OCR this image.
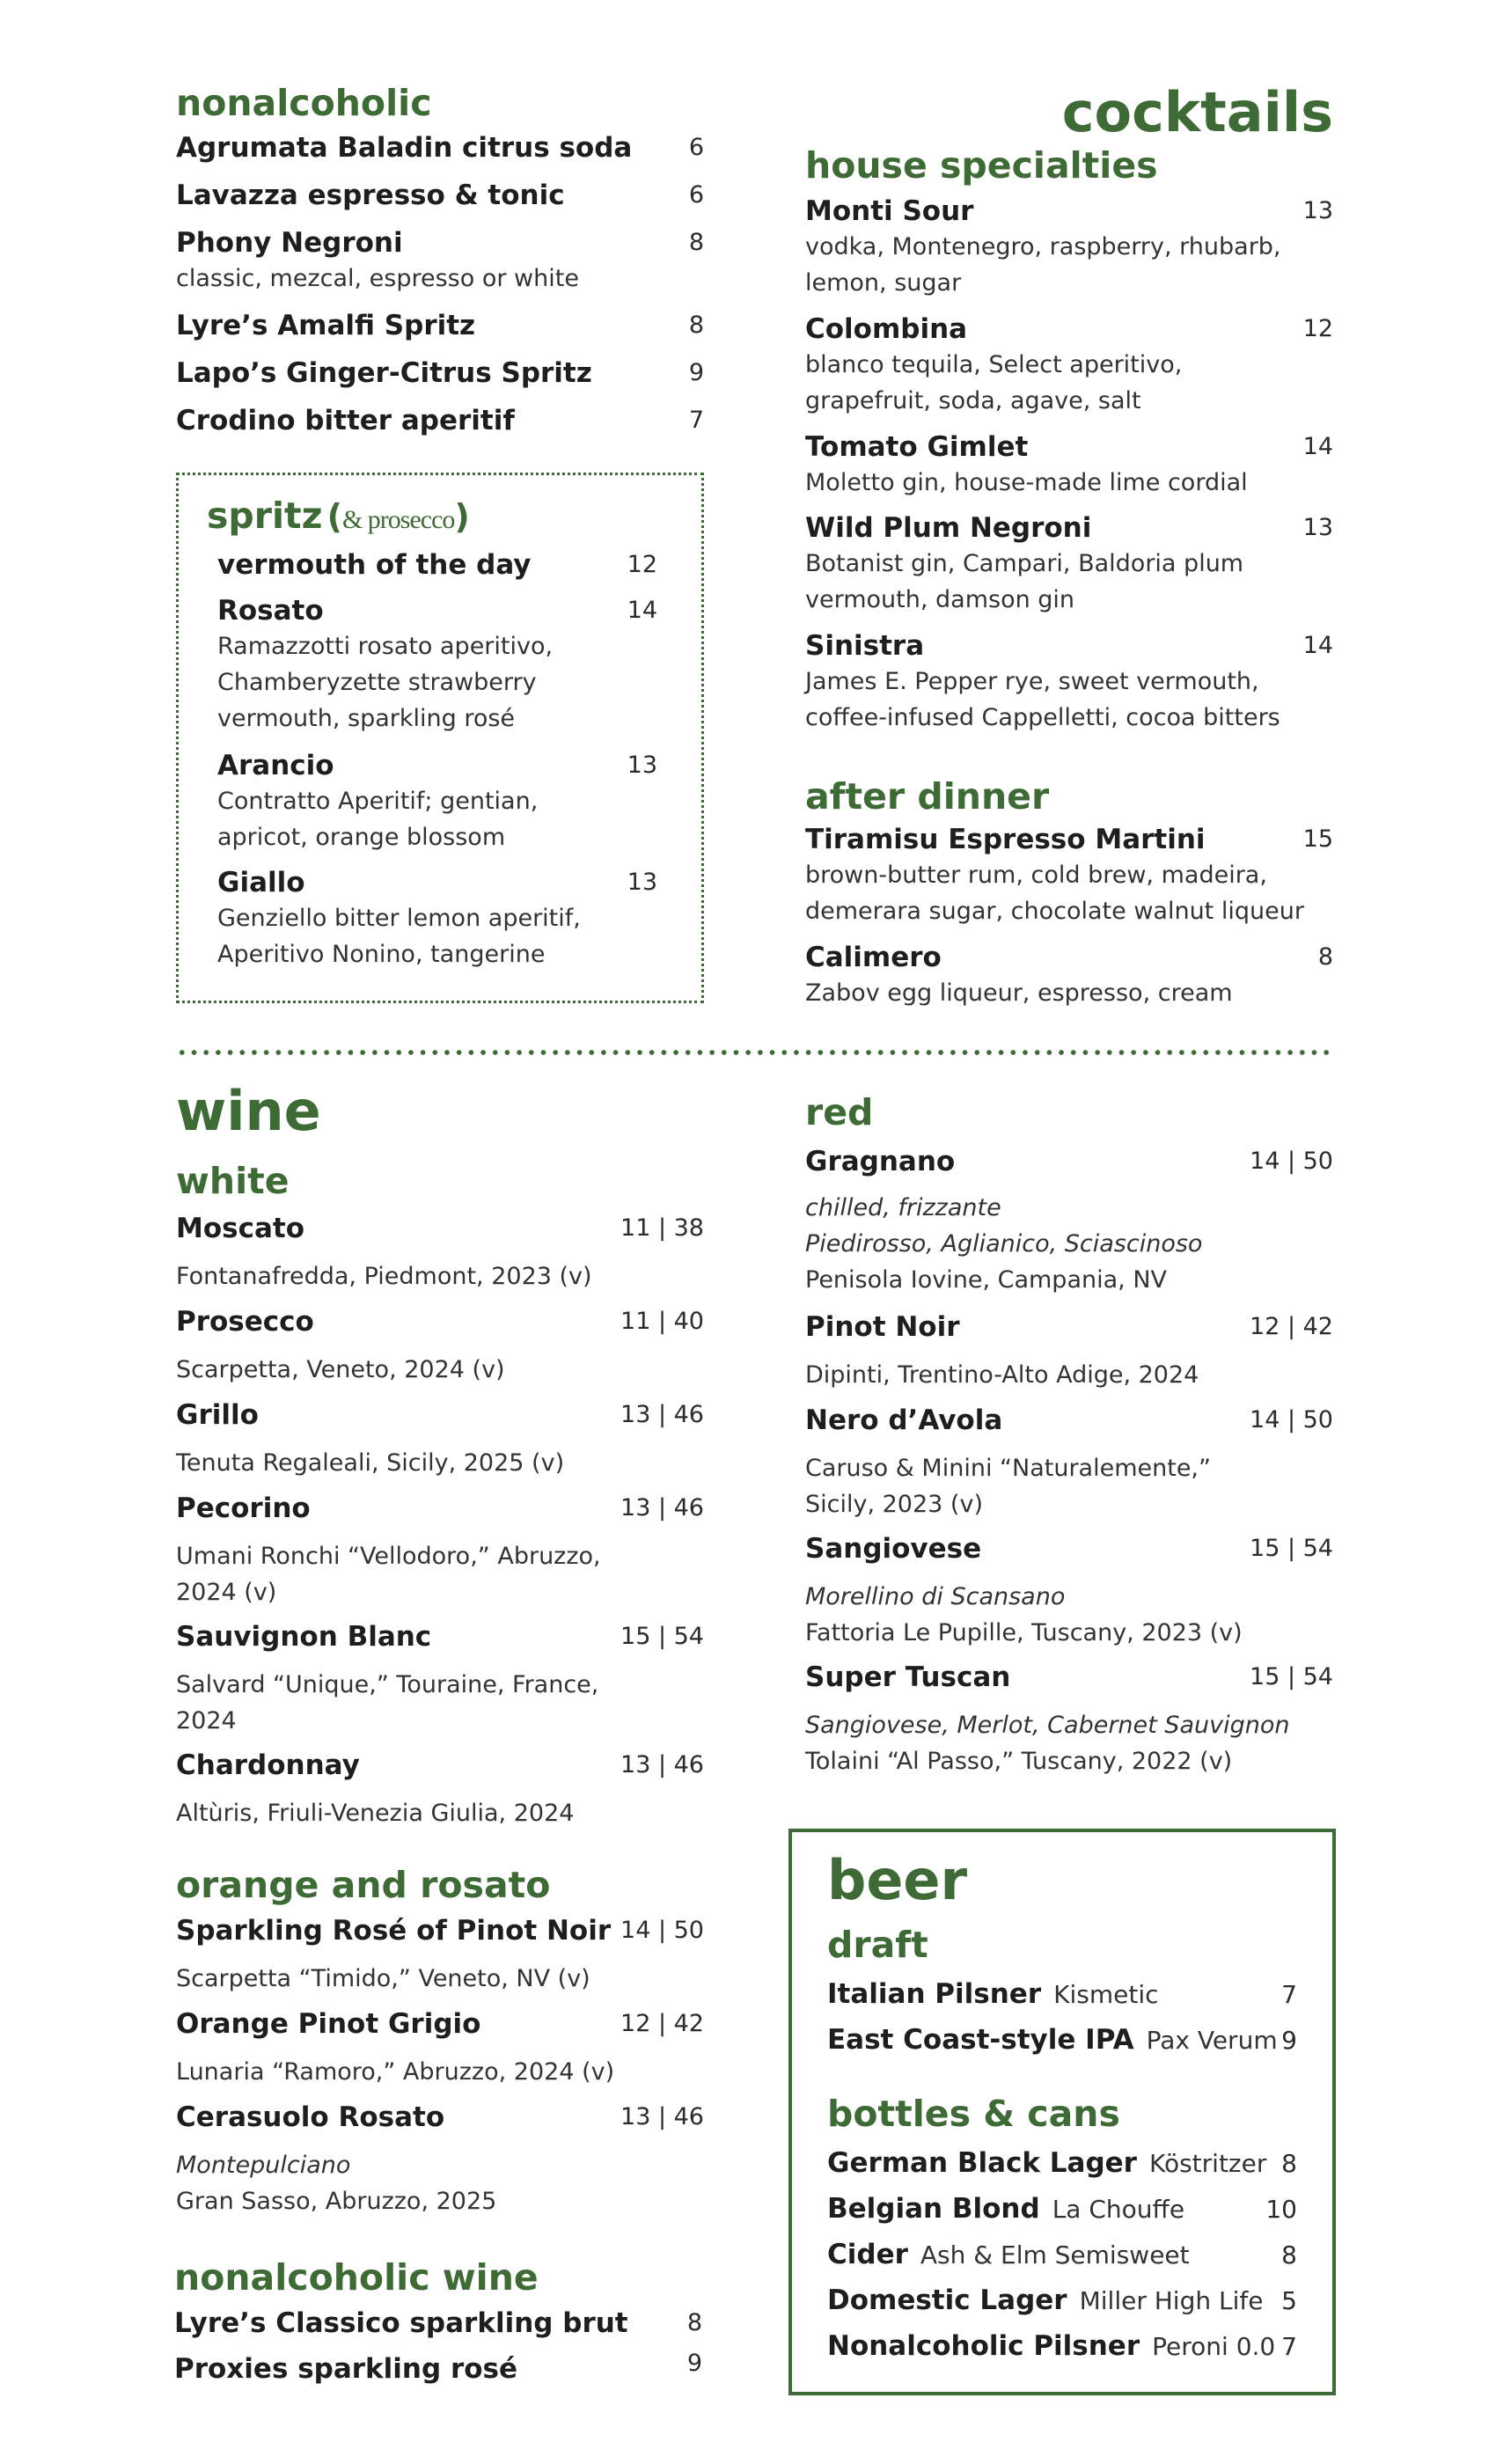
nonalcoholic
Agrumata Baladin citrus soda 6
Lavazza espresso & tonic	6
Phony Negroni	8
classic, mezcal, espresso or white
Lyre’s Amalfi Spritz	8
Lapo’s Ginger-Citrus Spritz	9
Crodino bitter aperitif	7
spritz (& prosecco)
vermouth of the day	12
Rosato	14
Ramazzotti rosato aperitivo,
Chamberyzette strawberry
vermouth, sparkling rosé
Arancio	13
Contratto Aperitif; gentian,
apricot, orange blossom
Giallo	13
Genziello bitter lemon aperitif,
Aperitivo Nonino, tangerine
cocktails
house specialties
Monti Sour	13
vodka, Montenegro, raspberry, rhubarb,
lemon, sugar
Colombina	12
blanco tequila, Select aperitivo,
grapefruit, soda, agave, salt
Tomato Gimlet	14
Moletto gin, house-made lime cordial
Wild Plum Negroni	13
Botanist gin, Campari, Baldoria plum
vermouth, damson gin
Sinistra	14
James E. Pepper rye, sweet vermouth,
coffee-infused Cappelletti, cocoa bitters
after dinner
Tiramisu Espresso Martini	15
brown-butter rum, cold brew, madeira,
demerara sugar, chocolate walnut liqueur
Calimero	8
Zabov egg liqueur, espresso, cream
wine
white
Moscato	11 | 38
Fontanafredda, Piedmont, 2023 (v)
Prosecco	11 | 40
Scarpetta, Veneto, 2024 (v)
Grillo	13 | 46
Tenuta Regaleali, Sicily, 2025 (v)
Pecorino	13 | 46
Umani Ronchi “Vellodoro,” Abruzzo,
2024 (v)
Sauvignon Blanc	15 | 54
Salvard “Unique,” Touraine, France,
2024
Chardonnay	13 | 46
Altùris, Friuli-Venezia Giulia, 2024
orange and rosato
Sparkling Rosé of Pinot Noir 14 | 50
Scarpetta “Timido,” Veneto, NV (v)
Orange Pinot Grigio	12 | 42
Lunaria “Ramoro,” Abruzzo, 2024 (v)
Cerasuolo Rosato	13 | 46
Montepulciano
Gran Sasso, Abruzzo, 2025
nonalcoholic wine
Lyre’s Classico sparkling brut 8
Proxies sparkling rosé	9
red
Gragnano	14 | 50
chilled, frizzante
Piedirosso, Aglianico, Sciascinoso
Penisola Iovine, Campania, NV
Pinot Noir	12 | 42
Dipinti, Trentino-Alto Adige, 2024
Nero d’Avola	14 | 50
Caruso & Minini “Naturalemente,”
Sicily, 2023 (v)
Sangiovese	15 | 54
Morellino di Scansano
Fattoria Le Pupille, Tuscany, 2023 (v)
Super Tuscan	15 | 54
Sangiovese, Merlot, Cabernet Sauvignon
Tolaini “Al Passo,” Tuscany, 2022 (v)
beer
draft
Italian Pilsner Kismetic	7
East Coast-style IPA Pax Verum 9
bottles & cans
German Black Lager Köstritzer 8
Belgian Blond La Chouffe	10
Cider Ash & Elm Semisweet	8
Domestic Lager Miller High Life 5
Nonalcoholic Pilsner Peroni 0.0 7
